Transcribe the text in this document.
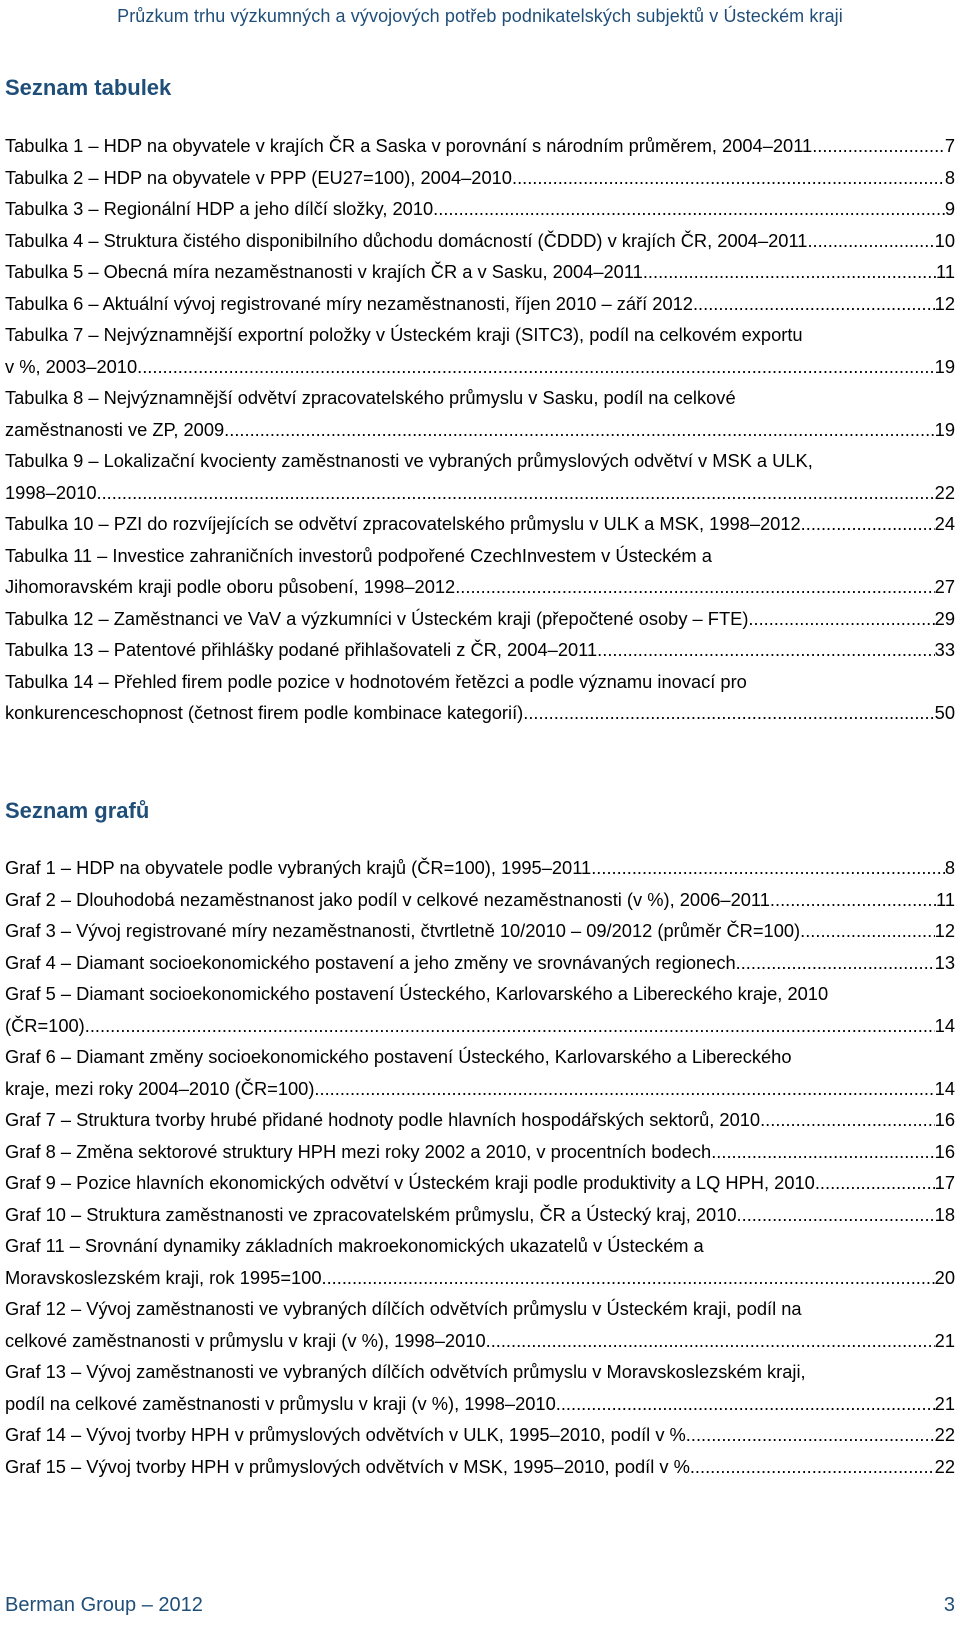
Průzkum trhu výzkumných a vývojových potřeb podnikatelských subjektů v Ústeckém kraji
Seznam tabulek
Tabulka 1 – HDP na obyvatele v krajích ČR a Saska v porovnání s národním průměrem, 2004–2011 .....	7
Tabulka 2 – HDP na obyvatele v PPP (EU27=100), 2004–2010 .....	8
Tabulka 3 – Regionální HDP a jeho dílčí složky, 2010 .....	9
Tabulka 4 – Struktura čistého disponibilního důchodu domácností (ČDDD) v krajích ČR, 2004–2011 .....	10
Tabulka 5 – Obecná míra nezaměstnanosti v krajích ČR a v Sasku, 2004–2011 .....	11
Tabulka 6 – Aktuální vývoj registrované míry nezaměstnanosti, říjen 2010 – září 2012 .....	12
Tabulka 7 – Nejvýznamnější exportní položky v Ústeckém kraji (SITC3), podíl na celkovém exportu
v %, 2003–2010 .....	19
Tabulka 8 – Nejvýznamnější odvětví zpracovatelského průmyslu v Sasku, podíl na celkové
zaměstnanosti ve ZP, 2009 .....	19
Tabulka 9 – Lokalizační kvocienty zaměstnanosti ve vybraných průmyslových odvětví v MSK a ULK,
1998–2010 .....	22
Tabulka 10 – PZI do rozvíjejících se odvětví zpracovatelského průmyslu v ULK a MSK, 1998–2012 .....	24
Tabulka 11 – Investice zahraničních investorů podpořené CzechInvestem v Ústeckém a
Jihomoravském kraji podle oboru působení, 1998–2012 .....	27
Tabulka 12 – Zaměstnanci ve VaV a výzkumníci v Ústeckém kraji (přepočtené osoby – FTE) .....	29
Tabulka 13 – Patentové přihlášky podané přihlašovateli z ČR, 2004–2011 .....	33
Tabulka 14 – Přehled firem podle pozice v hodnotovém řetězci a podle významu inovací pro
konkurenceschopnost (četnost firem podle kombinace kategorií) .....	50
Seznam grafů
Graf 1 – HDP na obyvatele podle vybraných krajů (ČR=100), 1995–2011 .....	8
Graf 2 – Dlouhodobá nezaměstnanost jako podíl v celkové nezaměstnanosti (v %), 2006–2011 .....	11
Graf 3 – Vývoj registrované míry nezaměstnanosti, čtvrtletně 10/2010 – 09/2012 (průměr ČR=100) .....	12
Graf 4 – Diamant socioekonomického postavení a jeho změny ve srovnávaných regionech .....	13
Graf 5 – Diamant socioekonomického postavení Ústeckého, Karlovarského a Libereckého kraje, 2010
(ČR=100) .....	14
Graf 6 – Diamant změny socioekonomického postavení Ústeckého, Karlovarského a Libereckého
kraje, mezi roky 2004–2010 (ČR=100) .....	14
Graf 7 – Struktura tvorby hrubé přidané hodnoty podle hlavních hospodářských sektorů, 2010 .....	16
Graf 8 – Změna sektorové struktury HPH mezi roky 2002 a 2010, v procentních bodech .....	16
Graf 9 – Pozice hlavních ekonomických odvětví v Ústeckém kraji podle produktivity a LQ HPH, 2010 .....	17
Graf 10 – Struktura zaměstnanosti ve zpracovatelském průmyslu, ČR a Ústecký kraj, 2010 .....	18
Graf 11 – Srovnání dynamiky základních makroekonomických ukazatelů v Ústeckém a
Moravskoslezském kraji, rok 1995=100 .....	20
Graf 12 – Vývoj zaměstnanosti ve vybraných dílčích odvětvích průmyslu v Ústeckém kraji, podíl na
celkové zaměstnanosti v průmyslu v kraji (v %), 1998–2010 .....	21
Graf 13 – Vývoj zaměstnanosti ve vybraných dílčích odvětvích průmyslu v Moravskoslezském kraji,
podíl na celkové zaměstnanosti v průmyslu v kraji (v %), 1998–2010 .....	21
Graf 14 – Vývoj tvorby HPH v průmyslových odvětvích v ULK, 1995–2010, podíl v % .....	22
Graf 15 – Vývoj tvorby HPH v průmyslových odvětvích v MSK, 1995–2010, podíl v % .....	22
Berman Group – 2012	3
